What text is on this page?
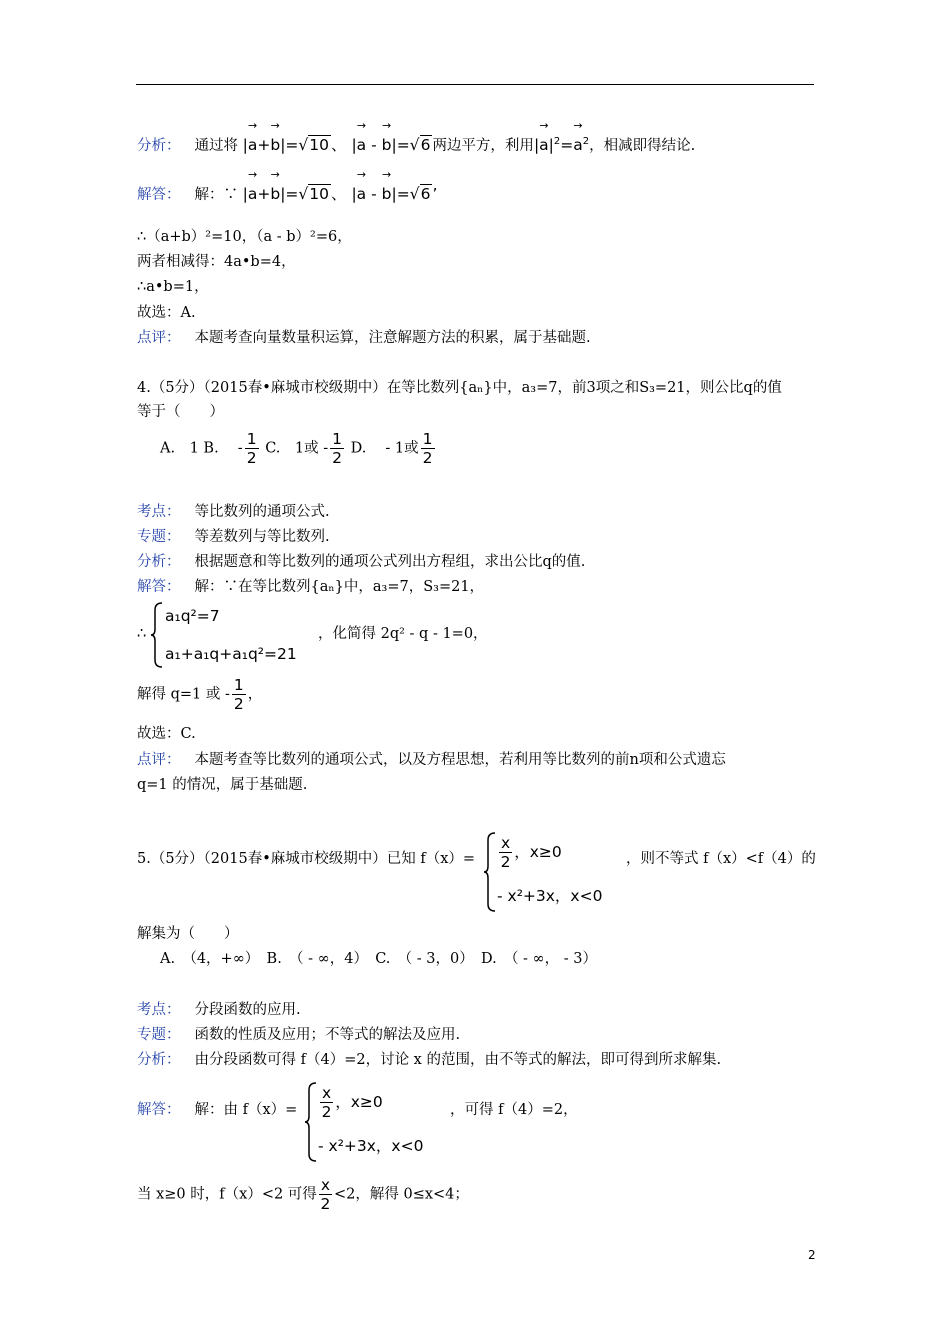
分析： 通过将 |→ a+→ b|=√10 、 |→ a - → b|=√6 两边平方，利用|→ $a|^2=\to a^2$，相减即得结论.
解答： 解：∵ |→ a+→ b|=√10 、 |→ a - → b|=√6 ’
∴（a+b）²=10，（a - b）²=6，
两者相减得：4a•b=4，
∴a•b=1，
故选：A.
点评： 本题考查向量数量积运算，注意解题方法的积累，属于基础题.
4.（5分）（2015春•麻城市校级期中）在等比数列{aₙ}中，a₃=7，前3项之和S₃=21，则公比q的值
等于（　　）
A.　1 B.　 - $\frac{1}{2} C$.　1或 - $\frac{1}{2} D$.　 - 1或 $\frac{1}{2}$
考点： 等比数列的通项公式.
专题： 等差数列与等比数列.
分析： 根据题意和等比数列的通项公式列出方程组，求出公比q的值.
解答： 解：∵在等比数列{aₙ}中，a₃=7，S₃=21，
∴
a₁q²=7
a₁+a₁q+a₁q²=21
，化简得 2q² - q - 1=0，
解得 q=1 或 - $\frac{1}{2}$ ，
故选：C.
点评： 本题考查等比数列的通项公式，以及方程思想，若利用等比数列的前n项和公式遗忘
q=1 的情况，属于基础题.
5.（5分）（2015春•麻城市校级期中）已知 $f(x)= \frac{x}{2}$ ，x≥0
- x²+3x，x<0
，则不等式 f（x）<f（4）的
解集为（　　）
A.　（4，+∞）　B.　（ - ∞，4）　C.　（ - 3，0）　D.　（ - ∞， - 3）
考点： 分段函数的应用.
专题： 函数的性质及应用；不等式的解法及应用.
分析： 由分段函数可得 f（4）=2，讨论 x 的范围，由不等式的解法，即可得到所求解集.
解答： 解：由 $f(x)= \frac{x}{2}$ ，x≥0
- x²+3x，x<0
，可得 f（4）=2，
当 x≥0 时，f（x）<2 可得 $\frac{x}{2} <2$，解得 0≤x<4；
2
